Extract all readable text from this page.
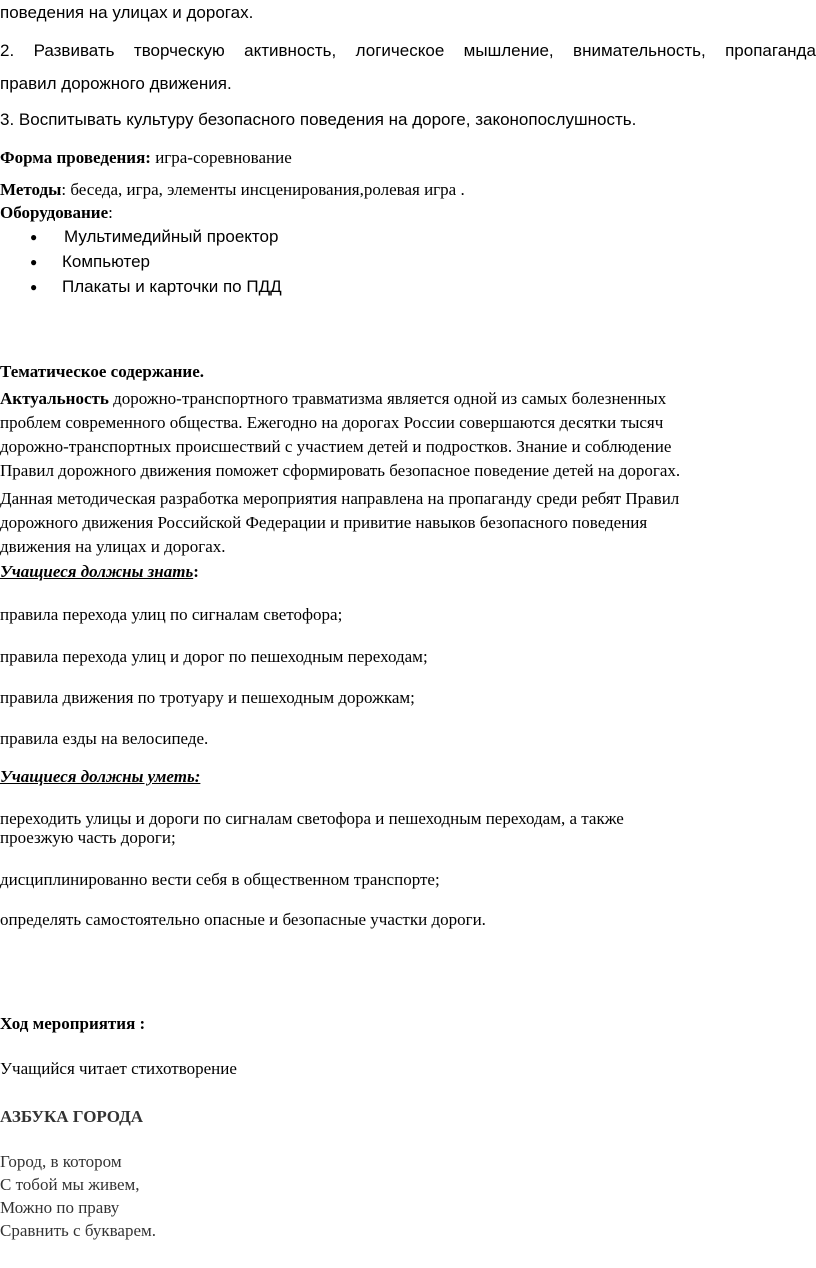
поведения на улицах и дорогах.
2. Развивать творческую активность, логическое мышление, внимательность, пропаганда
правил дорожного движения.
3. Воспитывать культуру безопасного поведения на дороге, законопослушность.
Форма проведения: игра-соревнование
Методы: беседа, игра, элементы инсценирования,ролевая игра .
Оборудование:
● Мультимедийный проектор
● Компьютер
● Плакаты и карточки по ПДД
Тематическое содержание.
Актуальность дорожно-транспортного травматизма является одной из самых болезненных
проблем современного общества. Ежегодно на дорогах России совершаются десятки тысяч
дорожно-транспортных происшествий с участием детей и подростков. Знание и соблюдение
Правил дорожного движения поможет сформировать безопасное поведение детей на дорогах.
Данная методическая разработка мероприятия направлена на пропаганду среди ребят Правил
дорожного движения Российской Федерации и привитие навыков безопасного поведения
движения на улицах и дорогах.
Учащиеся должны знать:
правила перехода улиц по сигналам светофора;
правила перехода улиц и дорог по пешеходным переходам;
правила движения по тротуару и пешеходным дорожкам;
правила езды на велосипеде.
Учащиеся должны уметь:
переходить улицы и дороги по сигналам светофора и пешеходным переходам, а также
проезжую часть дороги;
дисциплинированно вести себя в общественном транспорте;
определять самостоятельно опасные и безопасные участки дороги.
Ход мероприятия :
Учащийся читает стихотворение
АЗБУКА ГОРОДА
Город, в котором
С тобой мы живем,
Можно по праву
Сравнить с букварем.
